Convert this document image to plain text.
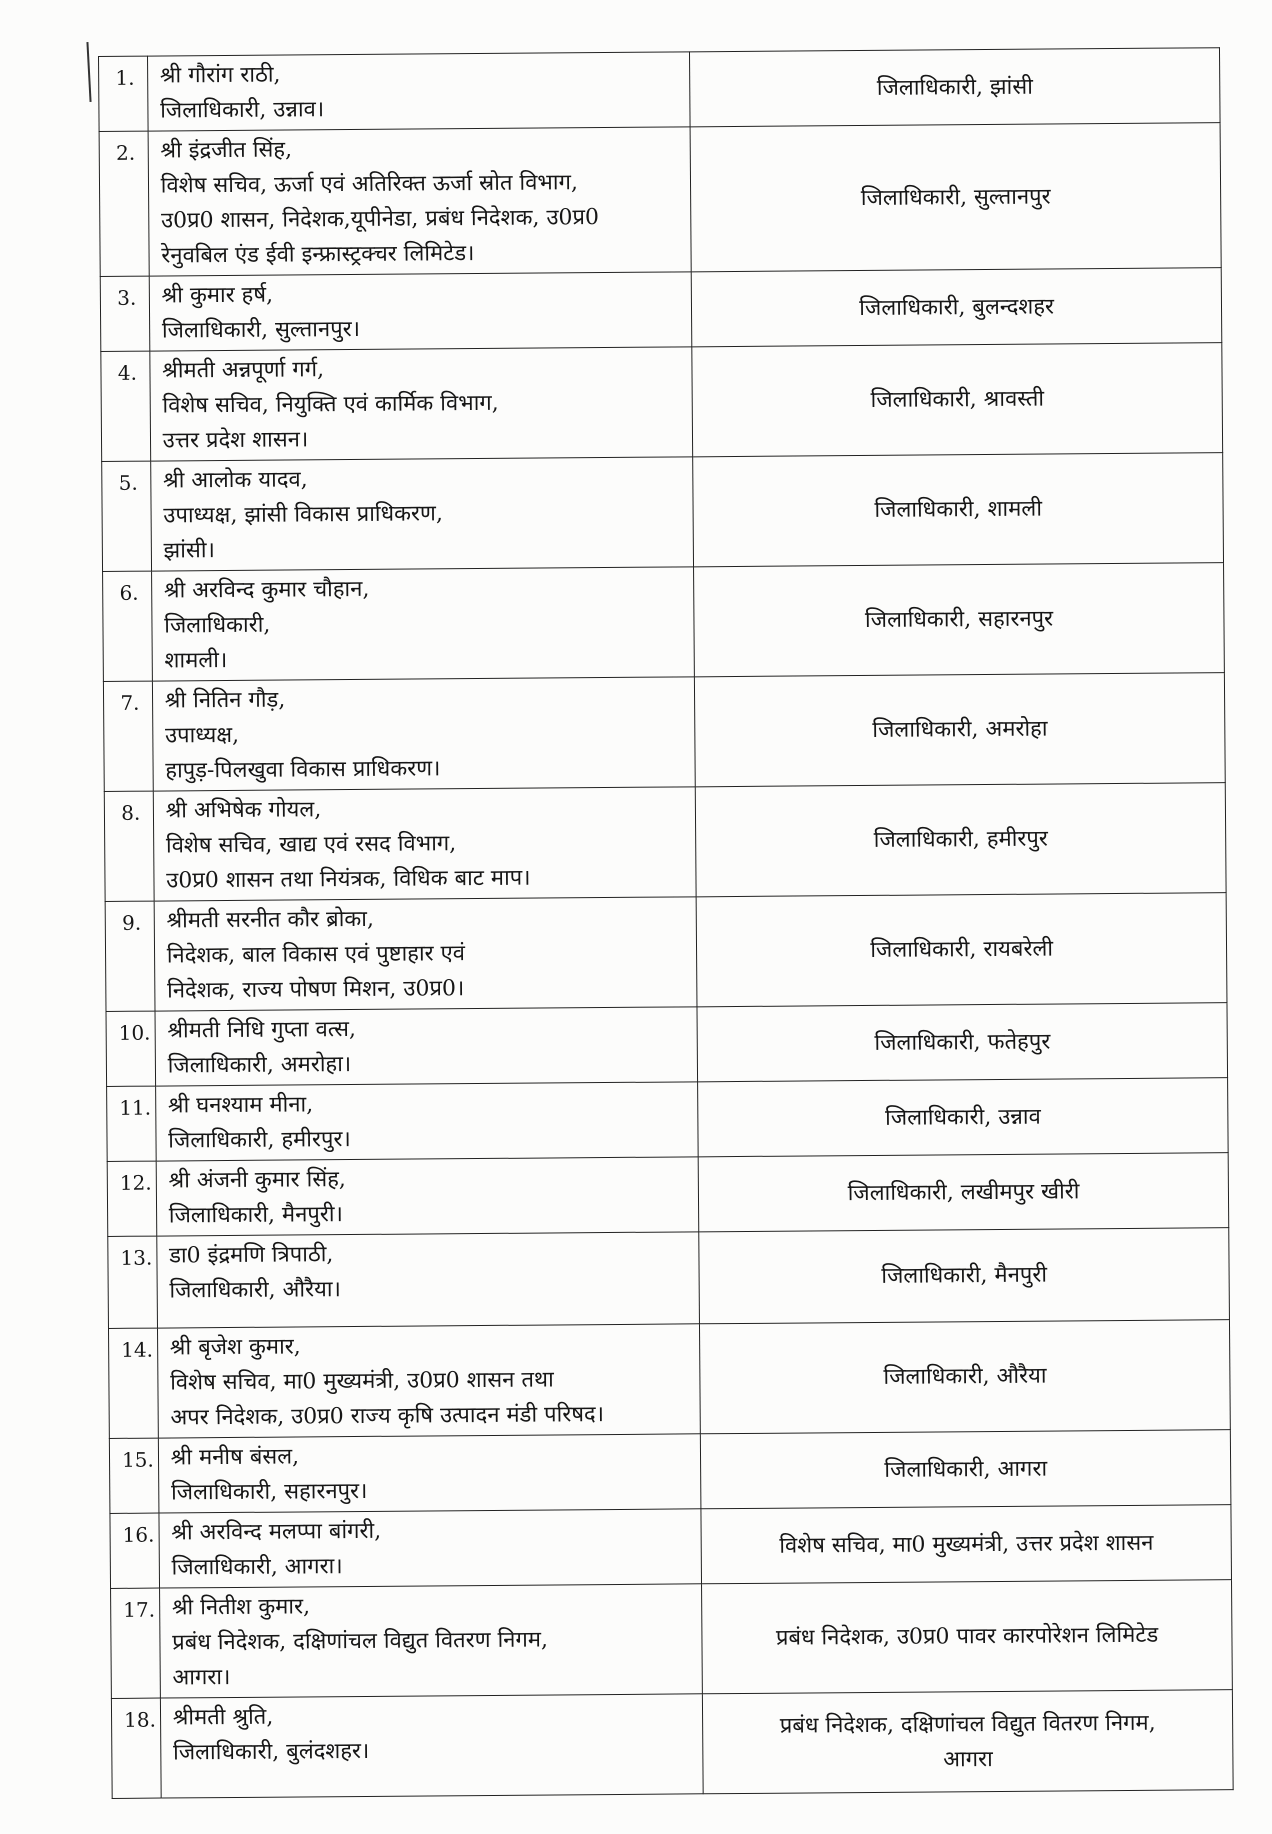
1.	श्री गौरांग राठी,
जिलाधिकारी, उन्नाव।	जिलाधिकारी, झांसी

2.	श्री इंद्रजीत सिंह,
विशेष सचिव, ऊर्जा एवं अतिरिक्त ऊर्जा स्रोत विभाग,
उ0प्र0 शासन, निदेशक,यूपीनेडा, प्रबंध निदेशक, उ0प्र0
रेनुवबिल एंड ईवी इन्फ्रास्ट्रक्चर लिमिटेड।	जिलाधिकारी, सुल्तानपुर

3.	श्री कुमार हर्ष,
जिलाधिकारी, सुल्तानपुर।	जिलाधिकारी, बुलन्दशहर

4.	श्रीमती अन्नपूर्णा गर्ग,
विशेष सचिव, नियुक्ति एवं कार्मिक विभाग,
उत्तर प्रदेश शासन।	जिलाधिकारी, श्रावस्ती

5.	श्री आलोक यादव,
उपाध्यक्ष, झांसी विकास प्राधिकरण,
झांसी।	जिलाधिकारी, शामली

6.	श्री अरविन्द कुमार चौहान,
जिलाधिकारी,
शामली।	जिलाधिकारी, सहारनपुर

7.	श्री नितिन गौड़,
उपाध्यक्ष,
हापुड़-पिलखुवा विकास प्राधिकरण।	जिलाधिकारी, अमरोहा

8.	श्री अभिषेक गोयल,
विशेष सचिव, खाद्य एवं रसद विभाग,
उ0प्र0 शासन तथा नियंत्रक, विधिक बाट माप।	जिलाधिकारी, हमीरपुर

9.	श्रीमती सरनीत कौर ब्रोका,
निदेशक, बाल विकास एवं पुष्टाहार एवं
निदेशक, राज्य पोषण मिशन, उ0प्र0।	जिलाधिकारी, रायबरेली

10.	श्रीमती निधि गुप्ता वत्स,
जिलाधिकारी, अमरोहा।	जिलाधिकारी, फतेहपुर

11.	श्री घनश्याम मीना,
जिलाधिकारी, हमीरपुर।	जिलाधिकारी, उन्नाव

12.	श्री अंजनी कुमार सिंह,
जिलाधिकारी, मैनपुरी।	जिलाधिकारी, लखीमपुर खीरी

13.	डा0 इंद्रमणि त्रिपाठी,
जिलाधिकारी, औरैया।	जिलाधिकारी, मैनपुरी

14.	श्री बृजेश कुमार,
विशेष सचिव, मा0 मुख्यमंत्री, उ0प्र0 शासन तथा
अपर निदेशक, उ0प्र0 राज्य कृषि उत्पादन मंडी परिषद।	जिलाधिकारी, औरैया

15.	श्री मनीष बंसल,
जिलाधिकारी, सहारनपुर।	जिलाधिकारी, आगरा

16.	श्री अरविन्द मलप्पा बांगरी,
जिलाधिकारी, आगरा।	विशेष सचिव, मा0 मुख्यमंत्री, उत्तर प्रदेश शासन

17.	श्री नितीश कुमार,
प्रबंध निदेशक, दक्षिणांचल विद्युत वितरण निगम,
आगरा।	प्रबंध निदेशक, उ0प्र0 पावर कारपोरेशन लिमिटेड

18.	श्रीमती श्रुति,
जिलाधिकारी, बुलंदशहर।	प्रबंध निदेशक, दक्षिणांचल विद्युत वितरण निगम,
आगरा
